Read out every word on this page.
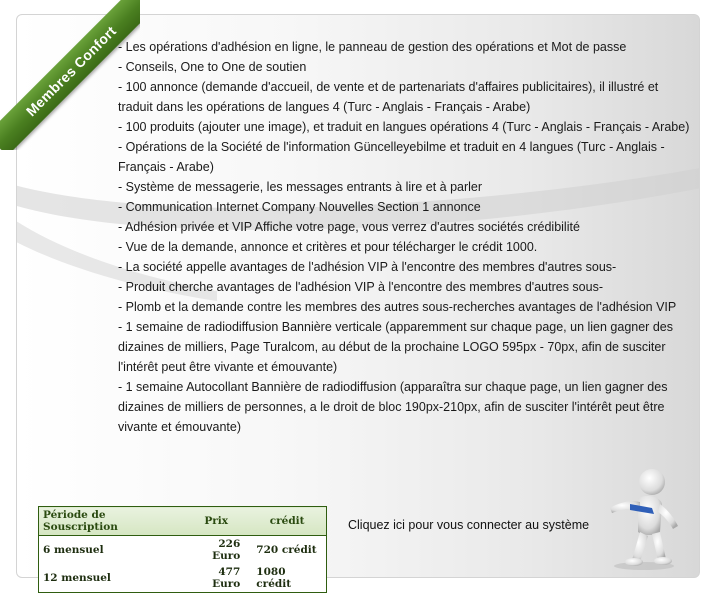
Membres Confort
- Les opérations d'adhésion en ligne, le panneau de gestion des opérations et Mot de passe
- Conseils, One to One de soutien
- 100 annonce (demande d'accueil, de vente et de partenariats d'affaires publicitaires), il illustré et traduit dans les opérations de langues 4 (Turc - Anglais - Français - Arabe)
- 100 produits (ajouter une image), et traduit en langues opérations 4 (Turc - Anglais - Français - Arabe)
- Opérations de la Société de l'information Güncelleyebilme et traduit en 4 langues (Turc - Anglais - Français - Arabe)
- Système de messagerie, les messages entrants à lire et à parler
- Communication Internet Company Nouvelles Section 1 annonce
- Adhésion privée et VIP Affiche votre page, vous verrez d'autres sociétés crédibilité
- Vue de la demande, annonce et critères et pour télécharger le crédit 1000.
- La société appelle avantages de l'adhésion VIP à l'encontre des membres d'autres sous-
- Produit cherche avantages de l'adhésion VIP à l'encontre des membres d'autres sous-
- Plomb et la demande contre les membres des autres sous-recherches avantages de l'adhésion VIP
- 1 semaine de radiodiffusion Bannière verticale (apparemment sur chaque page, un lien gagner des dizaines de milliers, Page Turalcom, au début de la prochaine LOGO 595px - 70px, afin de susciter l'intérêt peut être vivante et émouvante)
- 1 semaine Autocollant Bannière de radiodiffusion (apparaîtra sur chaque page, un lien gagner des dizaines de milliers de personnes, a le droit de bloc 190px-210px, afin de susciter l'intérêt peut être vivante et émouvante)
Période de Souscription	Prix	crédit
6 mensuel	226 Euro	720 crédit
12 mensuel	477 Euro	1080 crédit
Cliquez ici pour vous connecter au système
